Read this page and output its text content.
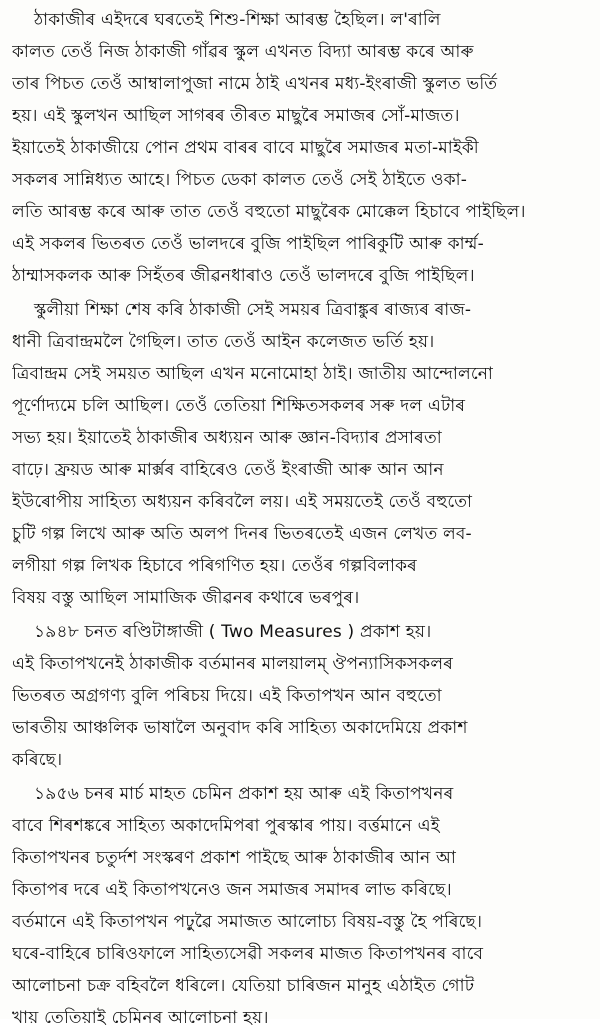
ঠাকাজীৰ এইদৰে ঘৰতেই শিশু-শিক্ষা আৰম্ভ হৈছিল। ল'ৰালি
কালত তেওঁ নিজ ঠাকাজী গাঁৱৰ স্কুল এখনত বিদ্যা আৰম্ভ কৰে আৰু
তাৰ পিচত তেওঁ আম্বালাপুজা নামে ঠাই এখনৰ মধ্য-ইংৰাজী স্কুলত ভৰ্তি
হয়। এই স্কুলখন আছিল সাগৰৰ তীৰত মাছুৰৈ সমাজৰ সোঁ-মাজত।
ইয়াতেই ঠাকাজীয়ে পোন প্ৰথম বাৰৰ বাবে মাছুৰৈ সমাজৰ মতা-মাইকী
সকলৰ সান্নিধ্যত আহে। পিচত ডেকা কালত তেওঁ সেই ঠাইতে ওকা-
লতি আৰম্ভ কৰে আৰু তাত তেওঁ বহুতো মাছুৰৈক মোক্কেল হিচাবে পাইছিল।
এই সকলৰ ভিতৰত তেওঁ ভালদৰে বুজি পাইছিল পাৰিকুটি আৰু কাৰ্ম্ম-
ঠাম্মাসকলক আৰু সিহঁতৰ জীৱনধাৰাও তেওঁ ভালদৰে বুজি পাইছিল।
স্কুলীয়া শিক্ষা শেষ কৰি ঠাকাজী সেই সময়ৰ ত্ৰিবাঙ্কুৰ ৰাজ্যৰ ৰাজ-
ধানী ত্ৰিবান্দ্ৰমলৈ গৈছিল। তাত তেওঁ আইন কলেজত ভৰ্তি হয়।
ত্ৰিবান্দ্ৰম সেই সময়ত আছিল এখন মনোমোহা ঠাই। জাতীয় আন্দোলনো
পূৰ্ণোদ্যমে চলি আছিল। তেওঁ তেতিয়া শিক্ষিতসকলৰ সৰু দল এটাৰ
সভ্য হয়। ইয়াতেই ঠাকাজীৰ অধ্যয়ন আৰু জ্ঞান-বিদ্যাৰ প্ৰসাৰতা
বাঢ়ে। ফ্ৰয়ড আৰু মাৰ্ক্সৰ বাহিৰেও তেওঁ ইংৰাজী আৰু আন আন
ইউৰোপীয় সাহিত্য অধ্যয়ন কৰিবলৈ লয়। এই সময়তেই তেওঁ বহুতো
চুটি গল্প লিখে আৰু অতি অলপ দিনৰ ভিতৰতেই এজন লেখত লব-
লগীয়া গল্প লিখক হিচাবে পৰিগণিত হয়। তেওঁৰ গল্পবিলাকৰ
বিষয় বস্তু আছিল সামাজিক জীৱনৰ কথাৰে ভৰপুৰ।
১৯৪৮ চনত ৰণ্ডিটাঙ্গাজী ( Two Measures ) প্ৰকাশ হয়।
এই কিতাপখনেই ঠাকাজীক বৰ্তমানৰ মালয়ালম্ ঔপন্যাসিকসকলৰ
ভিতৰত অগ্ৰগণ্য বুলি পৰিচয় দিয়ে। এই কিতাপখন আন বহুতো
ভাৰতীয় আঞ্চলিক ভাষালৈ অনুবাদ কৰি সাহিত্য অকাদেমিয়ে প্ৰকাশ
কৰিছে।
১৯৫৬ চনৰ মাৰ্চ মাহত চেমিন প্ৰকাশ হয় আৰু এই কিতাপখনৰ
বাবে শিৰশঙ্কৰে সাহিত্য অকাদেমিপৰা পুৰস্কাৰ পায়। বৰ্ত্তমানে এই
কিতাপখনৰ চতুৰ্দশ সংস্কৰণ প্ৰকাশ পাইছে আৰু ঠাকাজীৰ আন আ
কিতাপৰ দৰে এই কিতাপখনেও জন সমাজৰ সমাদৰ লাভ কৰিছে।
বৰ্তমানে এই কিতাপখন পঢ়ুৱৈ সমাজত আলোচ্য বিষয়-বস্তু হৈ পৰিছে।
ঘৰে-বাহিৰে চাৰিওফালে সাহিত্যসেৱী সকলৰ মাজত কিতাপখনৰ বাবে
আলোচনা চক্ৰ বহিবলৈ ধৰিলে। যেতিয়া চাৰিজন মানুহ এঠাইত গোট
খায় তেতিয়াই চেমিনৰ আলোচনা হয়।
